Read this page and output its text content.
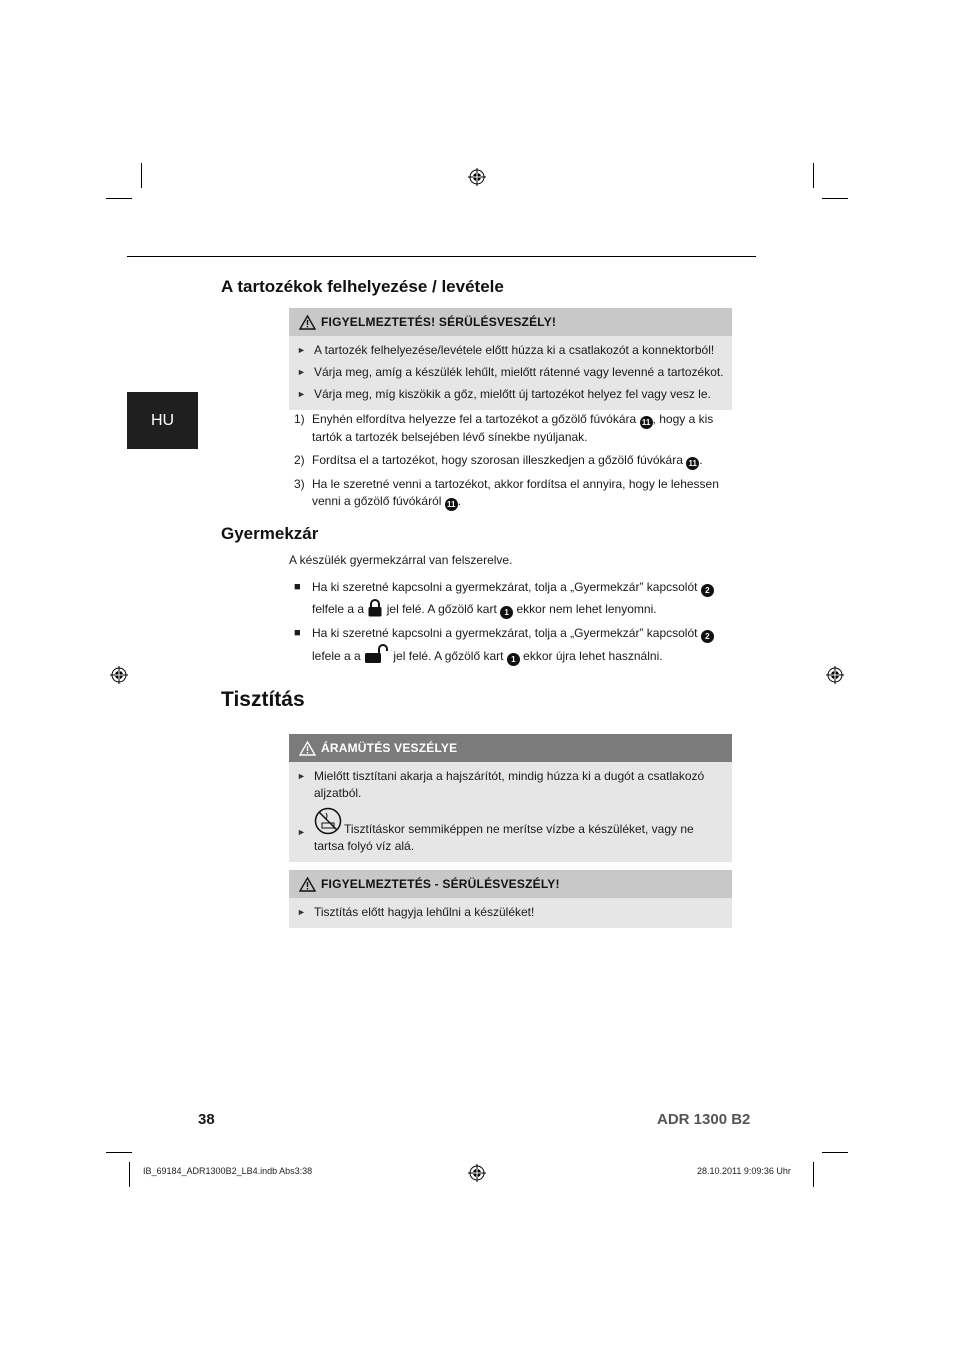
HU
A tartozékok felhelyezése / levétele
FIGYELMEZTETÉS! SÉRÜLÉSVESZÉLY!
► A tartozék felhelyezése/levétele előtt húzza ki a csatlakozót a konnektorból!
► Várja meg, amíg a készülék lehűlt, mielőtt rátenné vagy levenné a tartozékot.
► Várja meg, míg kiszökik a gőz, mielőtt új tartozékot helyez fel vagy vesz le.
1) Enyhén elfordítva helyezze fel a tartozékot a gőzölő fúvókára 11 , hogy a kis tartók a tartozék belsejében lévő sínekbe nyúljanak.
2) Fordítsa el a tartozékot, hogy szorosan illeszkedjen a gőzölő fúvókára 11 .
3) Ha le szeretné venni a tartozékot, akkor fordítsa el annyira, hogy le lehessen venni a gőzölő fúvókáról 11 .
Gyermekzár
A készülék gyermekzárral van felszerelve.
■ Ha ki szeretné kapcsolni a gyermekzárat, tolja a „Gyermekzár” kapcsolót 2
felfele a a jel felé. A gőzölő kart 1 ekkor nem lehet lenyomni.
■ Ha ki szeretné kapcsolni a gyermekzárat, tolja a „Gyermekzár” kapcsolót 2
lefele a a	jel felé. A gőzölő kart 1 ekkor újra lehet használni.
Tisztítás
ÁRAMÜTÉS VESZÉLYE
► Mielőtt tisztítani akarja a hajszárítót, mindig húzza ki a dugót a csatlakozó aljzatból.
►	Tisztításkor semmiképpen ne merítse vízbe a készüléket, vagy ne tartsa folyó víz alá.
FIGYELMEZTETÉS - SÉRÜLÉSVESZÉLY!
► Tisztítás előtt hagyja lehűlni a készüléket!
38	ADR 1300 B2
IB_69184_ADR1300B2_LB4.indb Abs3:38	28.10.2011 9:09:36 Uhr
